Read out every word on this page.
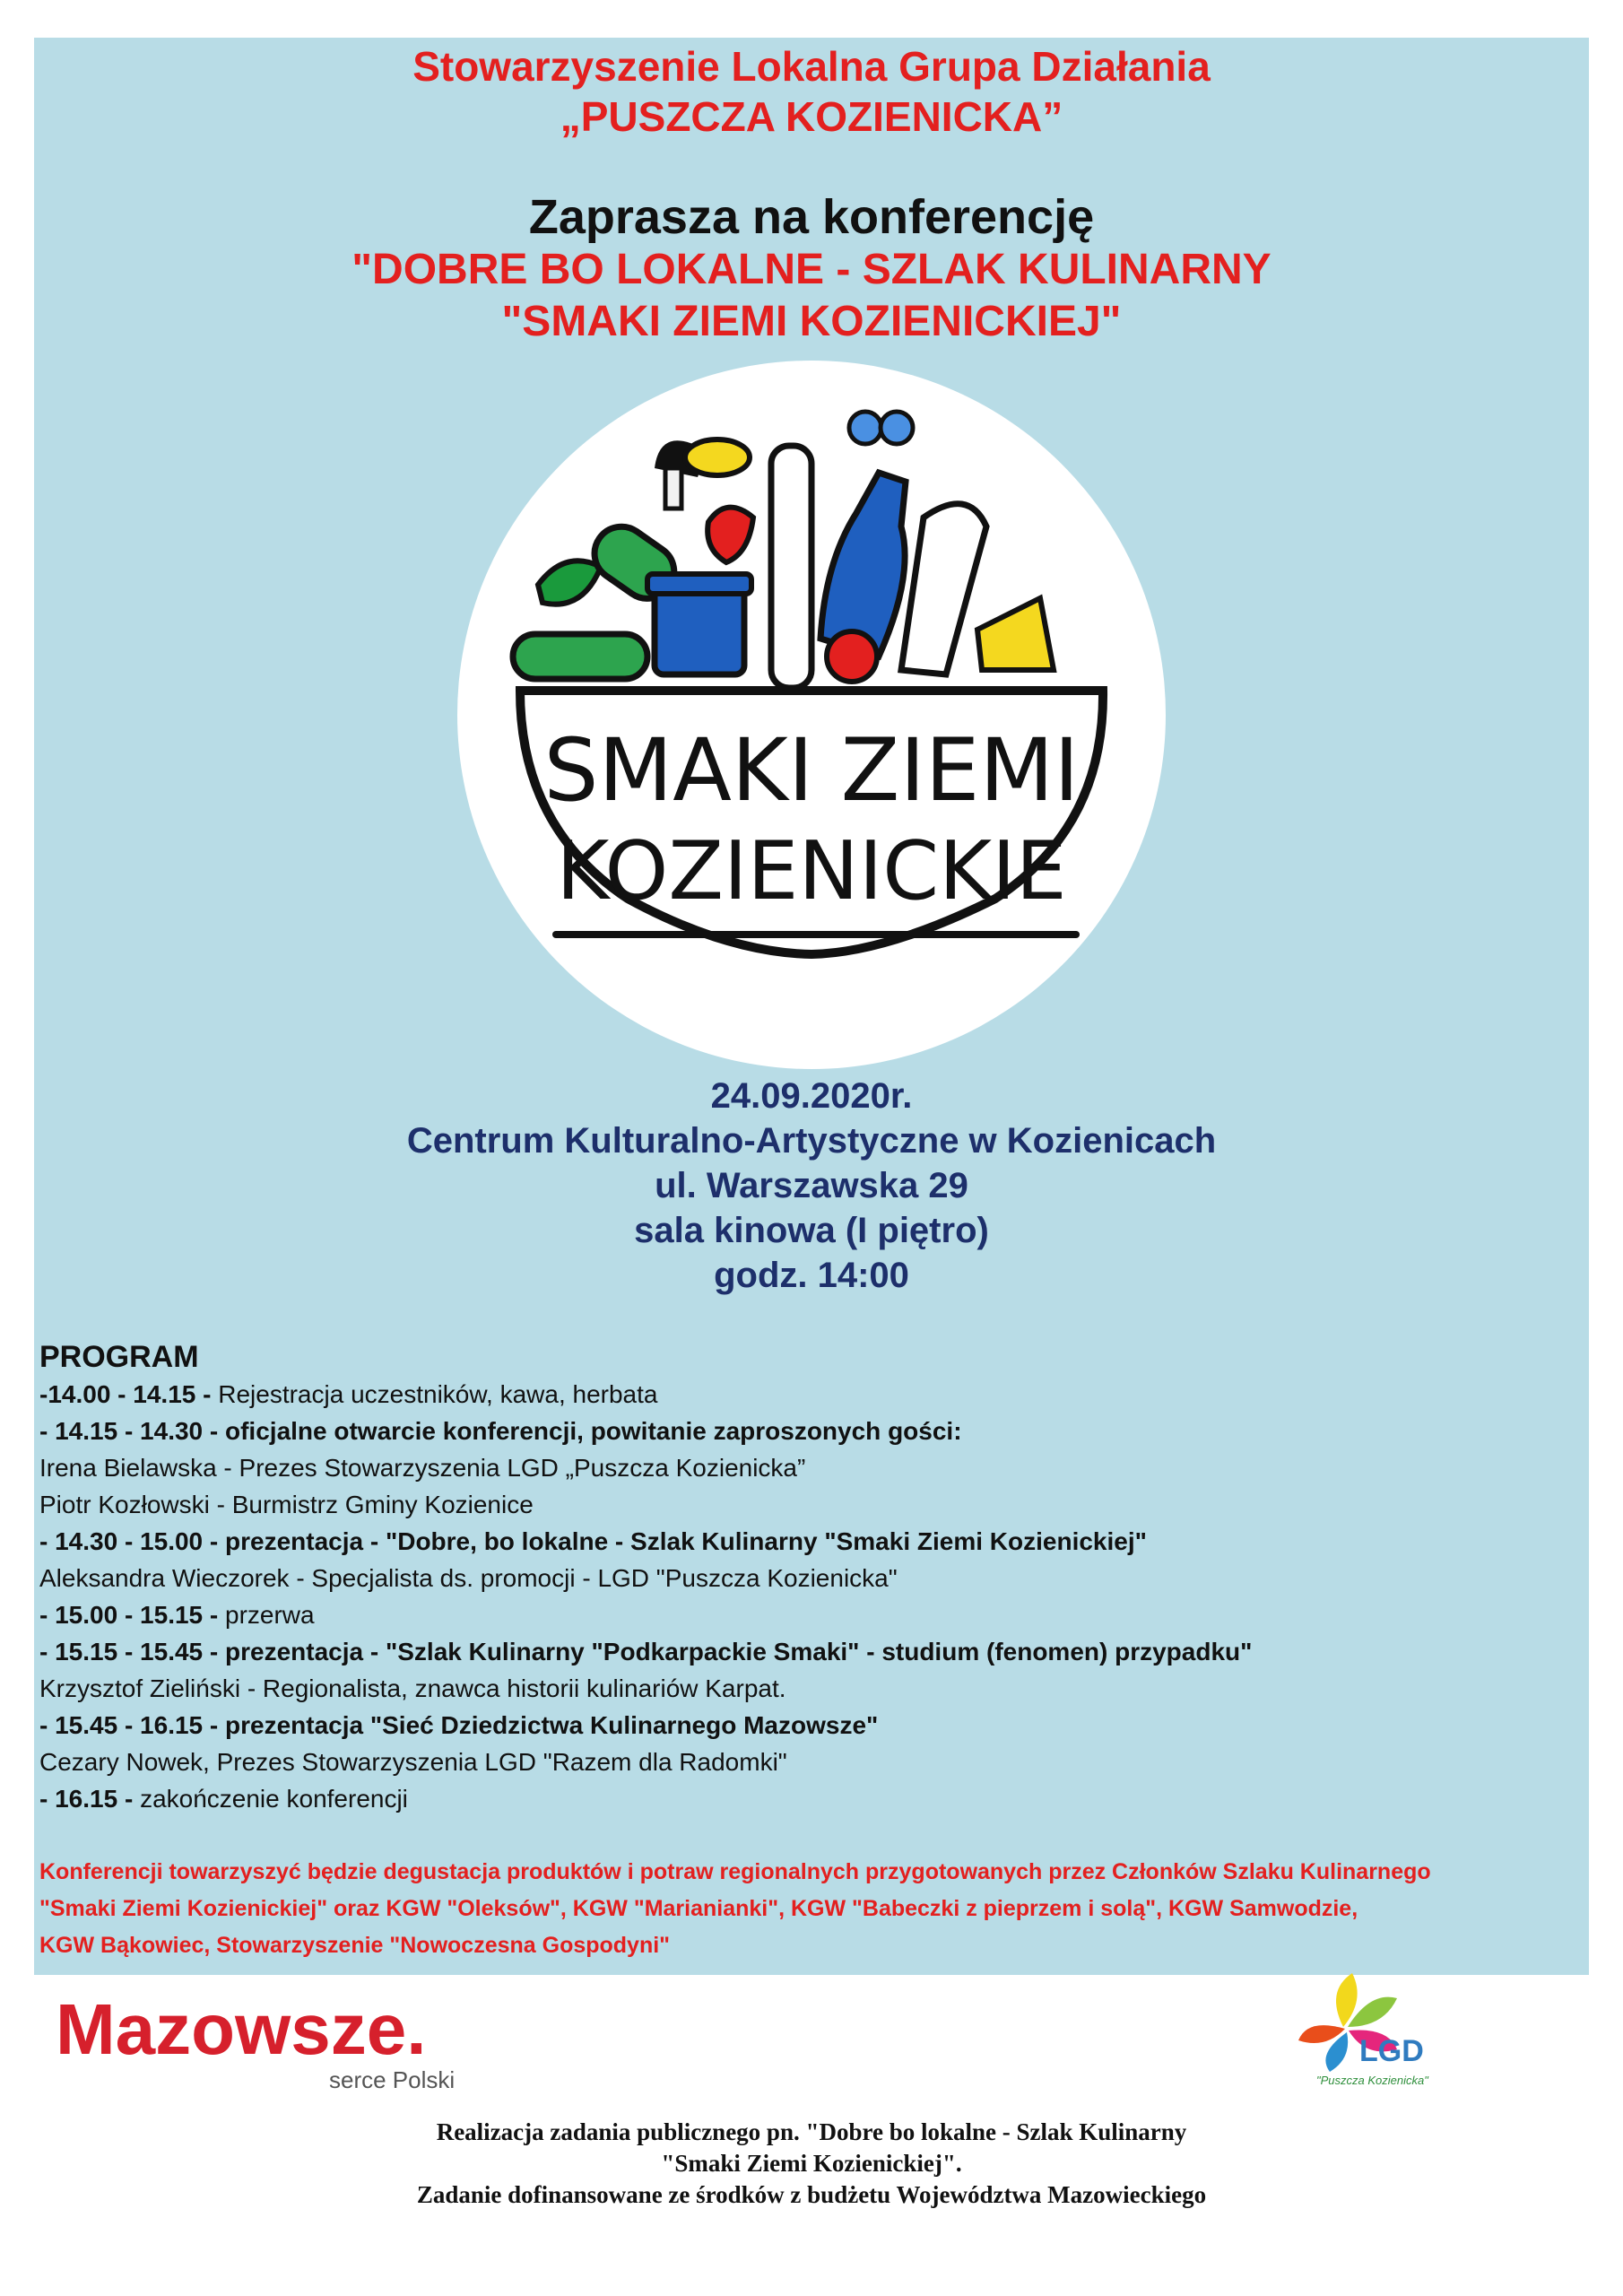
Stowarzyszenie Lokalna Grupa Działania
„PUSZCZA KOZIENICKA”
Zaprasza na konferencję
"DOBRE BO LOKALNE - SZLAK KULINARNY
"SMAKI ZIEMI KOZIENICKIEJ"
SMAKI ZIEMI
KOZIENICKIE
24.09.2020r.
Centrum Kulturalno-Artystyczne w Kozienicach
ul. Warszawska 29
sala kinowa (I piętro)
godz. 14:00
PROGRAM
-14.00 - 14.15 - Rejestracja uczestników, kawa, herbata
- 14.15 - 14.30 - oficjalne otwarcie konferencji, powitanie zaproszonych gości:
Irena Bielawska - Prezes Stowarzyszenia LGD „Puszcza Kozienicka”
Piotr Kozłowski - Burmistrz Gminy Kozienice
- 14.30 - 15.00 - prezentacja - "Dobre, bo lokalne - Szlak Kulinarny "Smaki Ziemi Kozienickiej"
Aleksandra Wieczorek - Specjalista ds. promocji - LGD "Puszcza Kozienicka"
- 15.00 - 15.15 - przerwa
- 15.15 - 15.45 - prezentacja - "Szlak Kulinarny "Podkarpackie Smaki" - studium (fenomen) przypadku"
Krzysztof Zieliński - Regionalista, znawca historii kulinariów Karpat.
- 15.45 - 16.15 - prezentacja "Sieć Dziedzictwa Kulinarnego Mazowsze"
Cezary Nowek, Prezes Stowarzyszenia LGD "Razem dla Radomki"
- 16.15 - zakończenie konferencji
Konferencji towarzyszyć będzie degustacja produktów i potraw regionalnych przygotowanych przez Członków Szlaku Kulinarnego
"Smaki Ziemi Kozienickiej" oraz KGW "Oleksów", KGW "Marianianki", KGW "Babeczki z pieprzem i solą", KGW Samwodzie,
KGW Bąkowiec, Stowarzyszenie "Nowoczesna Gospodyni"
Mazowsze.
serce Polski
LGD
"Puszcza Kozienicka"
Realizacja zadania publicznego pn. "Dobre bo lokalne - Szlak Kulinarny
"Smaki Ziemi Kozienickiej".
Zadanie dofinansowane ze środków z budżetu Województwa Mazowieckiego
